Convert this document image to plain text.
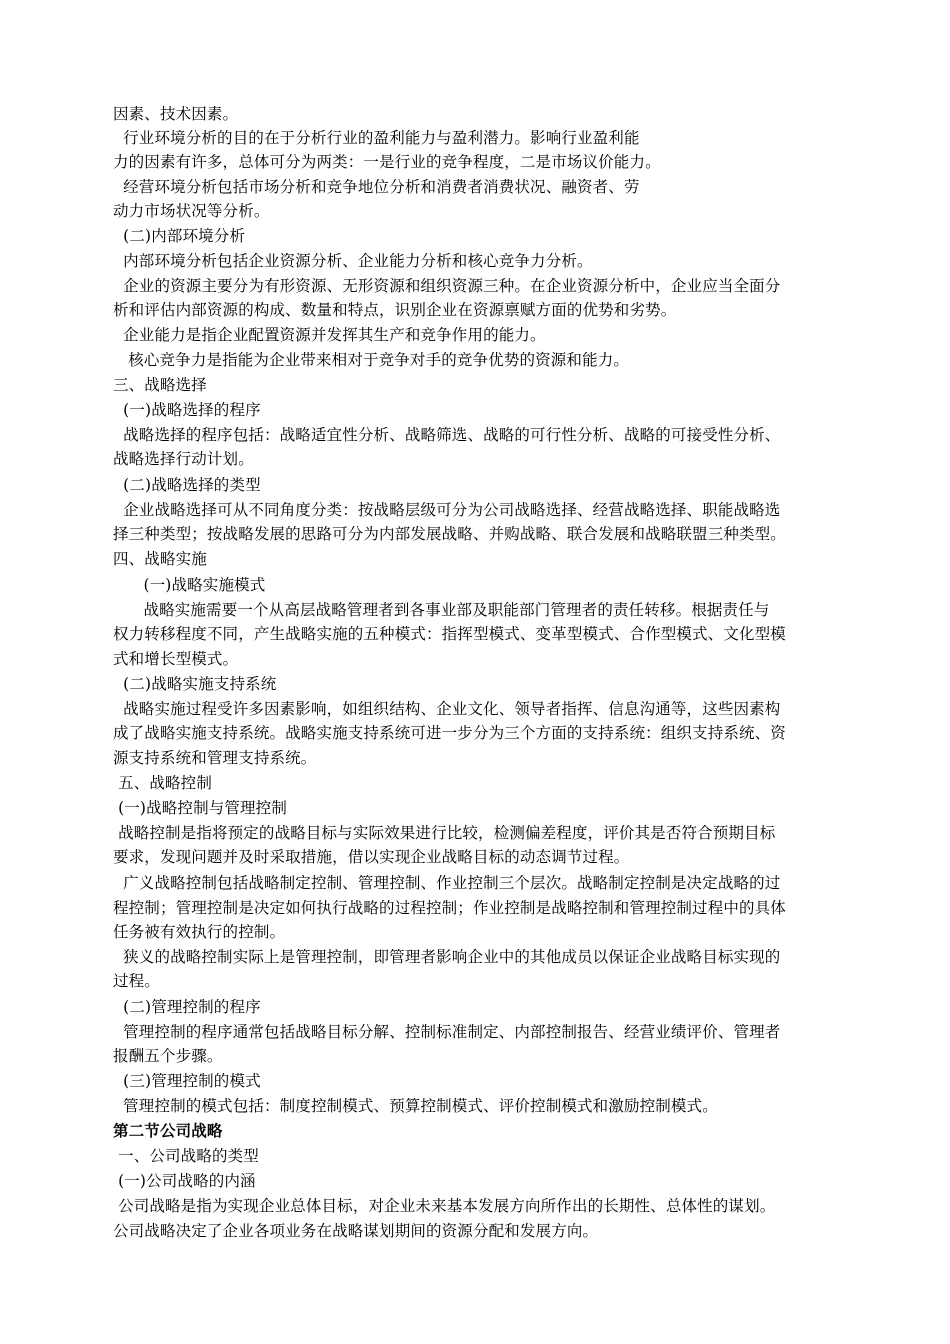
因素、技术因素。
行业环境分析的目的在于分析行业的盈利能力与盈利潜力。影响行业盈利能
力的因素有许多，总体可分为两类：一是行业的竞争程度，二是市场议价能力。
经营环境分析包括市场分析和竞争地位分析和消费者消费状况、融资者、劳
动力市场状况等分析。
(二)内部环境分析
内部环境分析包括企业资源分析、企业能力分析和核心竞争力分析。
企业的资源主要分为有形资源、无形资源和组织资源三种。在企业资源分析中，企业应当全面分
析和评估内部资源的构成、数量和特点，识别企业在资源禀赋方面的优势和劣势。
企业能力是指企业配置资源并发挥其生产和竞争作用的能力。
核心竞争力是指能为企业带来相对于竞争对手的竞争优势的资源和能力。
三、战略选择
(一)战略选择的程序
战略选择的程序包括：战略适宜性分析、战略筛选、战略的可行性分析、战略的可接受性分析、
战略选择行动计划。
(二)战略选择的类型
企业战略选择可从不同角度分类：按战略层级可分为公司战略选择、经营战略选择、职能战略选
择三种类型；按战略发展的思路可分为内部发展战略、并购战略、联合发展和战略联盟三种类型。
四、战略实施
(一)战略实施模式
战略实施需要一个从高层战略管理者到各事业部及职能部门管理者的责任转移。根据责任与
权力转移程度不同，产生战略实施的五种模式：指挥型模式、变革型模式、合作型模式、文化型模
式和增长型模式。
(二)战略实施支持系统
战略实施过程受许多因素影响，如组织结构、企业文化、领导者指挥、信息沟通等，这些因素构
成了战略实施支持系统。战略实施支持系统可进一步分为三个方面的支持系统：组织支持系统、资
源支持系统和管理支持系统。
五、战略控制
(一)战略控制与管理控制
战略控制是指将预定的战略目标与实际效果进行比较，检测偏差程度，评价其是否符合预期目标
要求，发现问题并及时采取措施，借以实现企业战略目标的动态调节过程。
广义战略控制包括战略制定控制、管理控制、作业控制三个层次。战略制定控制是决定战略的过
程控制；管理控制是决定如何执行战略的过程控制；作业控制是战略控制和管理控制过程中的具体
任务被有效执行的控制。
狭义的战略控制实际上是管理控制，即管理者影响企业中的其他成员以保证企业战略目标实现的
过程。
(二)管理控制的程序
管理控制的程序通常包括战略目标分解、控制标准制定、内部控制报告、经营业绩评价、管理者
报酬五个步骤。
(三)管理控制的模式
管理控制的模式包括：制度控制模式、预算控制模式、评价控制模式和激励控制模式。
第二节公司战略
一、公司战略的类型
(一)公司战略的内涵
公司战略是指为实现企业总体目标，对企业未来基本发展方向所作出的长期性、总体性的谋划。
公司战略决定了企业各项业务在战略谋划期间的资源分配和发展方向。
